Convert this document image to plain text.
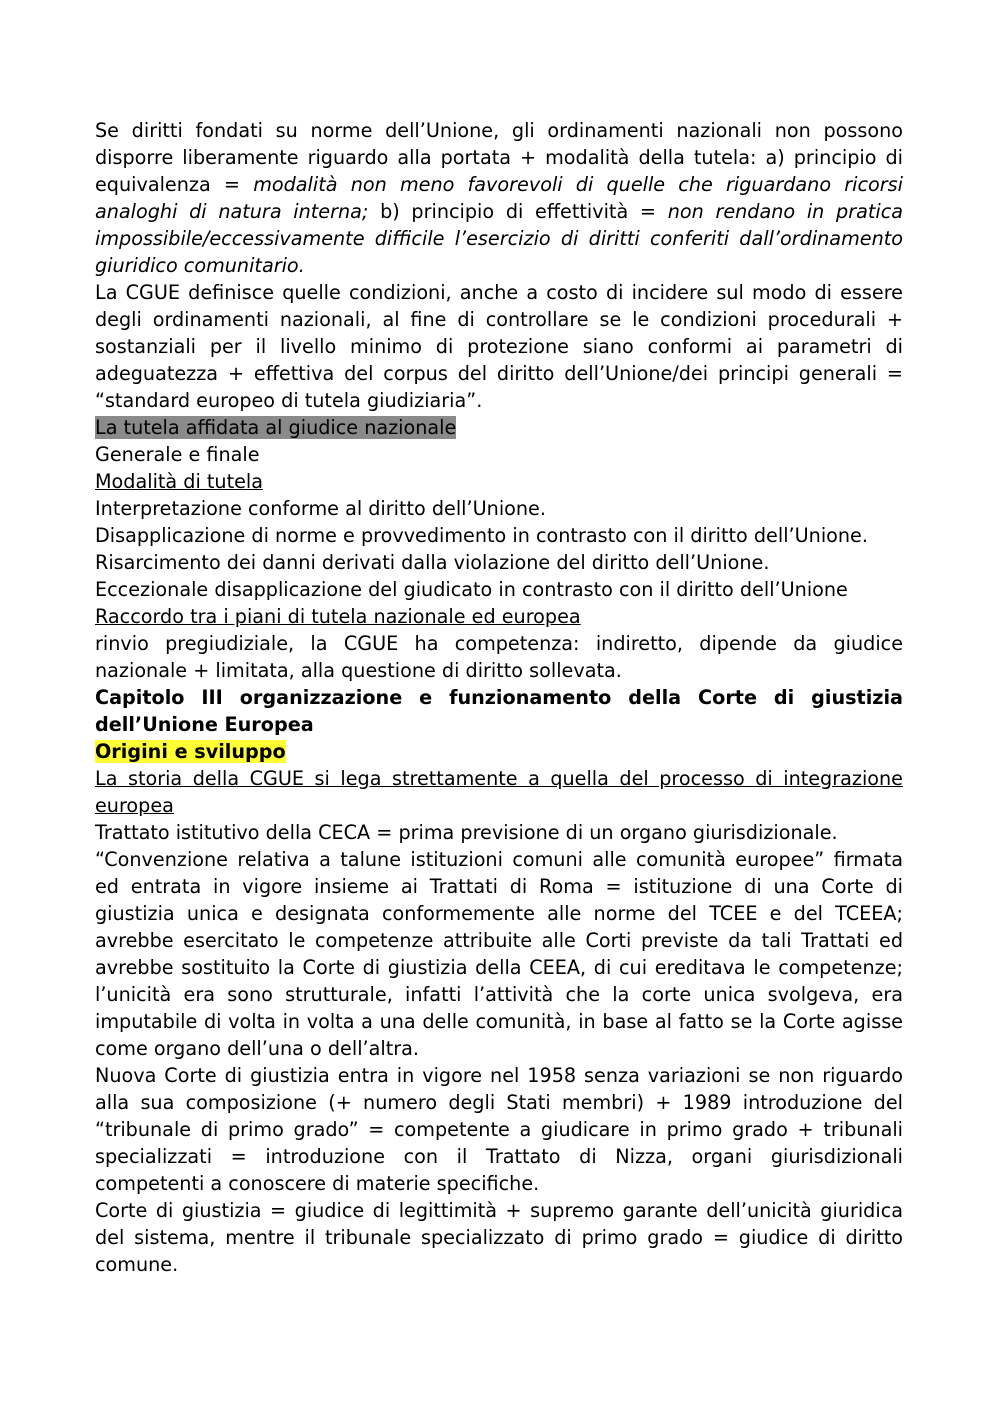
Se diritti fondati su norme dell’Unione, gli ordinamenti nazionali non possono disporre liberamente riguardo alla portata + modalità della tutela: a) principio di equivalenza = modalità non meno favorevoli di quelle che riguardano ricorsi analoghi di natura interna; b) principio di effettività = non rendano in pratica impossibile/eccessivamente difficile l’esercizio di diritti conferiti dall’ordinamento giuridico comunitario.

La CGUE definisce quelle condizioni, anche a costo di incidere sul modo di essere degli ordinamenti nazionali, al fine di controllare se le condizioni procedurali + sostanziali per il livello minimo di protezione siano conformi ai parametri di adeguatezza + effettiva del corpus del diritto dell’Unione/dei principi generali = “standard europeo di tutela giudiziaria”.

La tutela affidata al giudice nazionale

Generale e finale

Modalità di tutela

Interpretazione conforme al diritto dell’Unione.

Disapplicazione di norme e provvedimento in contrasto con il diritto dell’Unione.

Risarcimento dei danni derivati dalla violazione del diritto dell’Unione.

Eccezionale disapplicazione del giudicato in contrasto con il diritto dell’Unione

Raccordo tra i piani di tutela nazionale ed europea

rinvio pregiudiziale, la CGUE ha competenza: indiretto, dipende da giudice nazionale + limitata, alla questione di diritto sollevata.

Capitolo III organizzazione e funzionamento della Corte di giustizia dell’Unione Europea

Origini e sviluppo

La storia della CGUE si lega strettamente a quella del processo di integrazione europea

Trattato istitutivo della CECA = prima previsione di un organo giurisdizionale.

“Convenzione relativa a talune istituzioni comuni alle comunità europee” firmata ed entrata in vigore insieme ai Trattati di Roma = istituzione di una Corte di giustizia unica e designata conformemente alle norme del TCEE e del TCEEA; avrebbe esercitato le competenze attribuite alle Corti previste da tali Trattati ed avrebbe sostituito la Corte di giustizia della CEEA, di cui ereditava le competenze; l’unicità era sono strutturale, infatti l’attività che la corte unica svolgeva, era imputabile di volta in volta a una delle comunità, in base al fatto se la Corte agisse come organo dell’una o dell’altra.

Nuova Corte di giustizia entra in vigore nel 1958 senza variazioni se non riguardo alla sua composizione (+ numero degli Stati membri) + 1989 introduzione del “tribunale di primo grado” = competente a giudicare in primo grado + tribunali specializzati = introduzione con il Trattato di Nizza, organi giurisdizionali competenti a conoscere di materie specifiche.

Corte di giustizia = giudice di legittimità + supremo garante dell’unicità giuridica del sistema, mentre il tribunale specializzato di primo grado = giudice di diritto comune.
